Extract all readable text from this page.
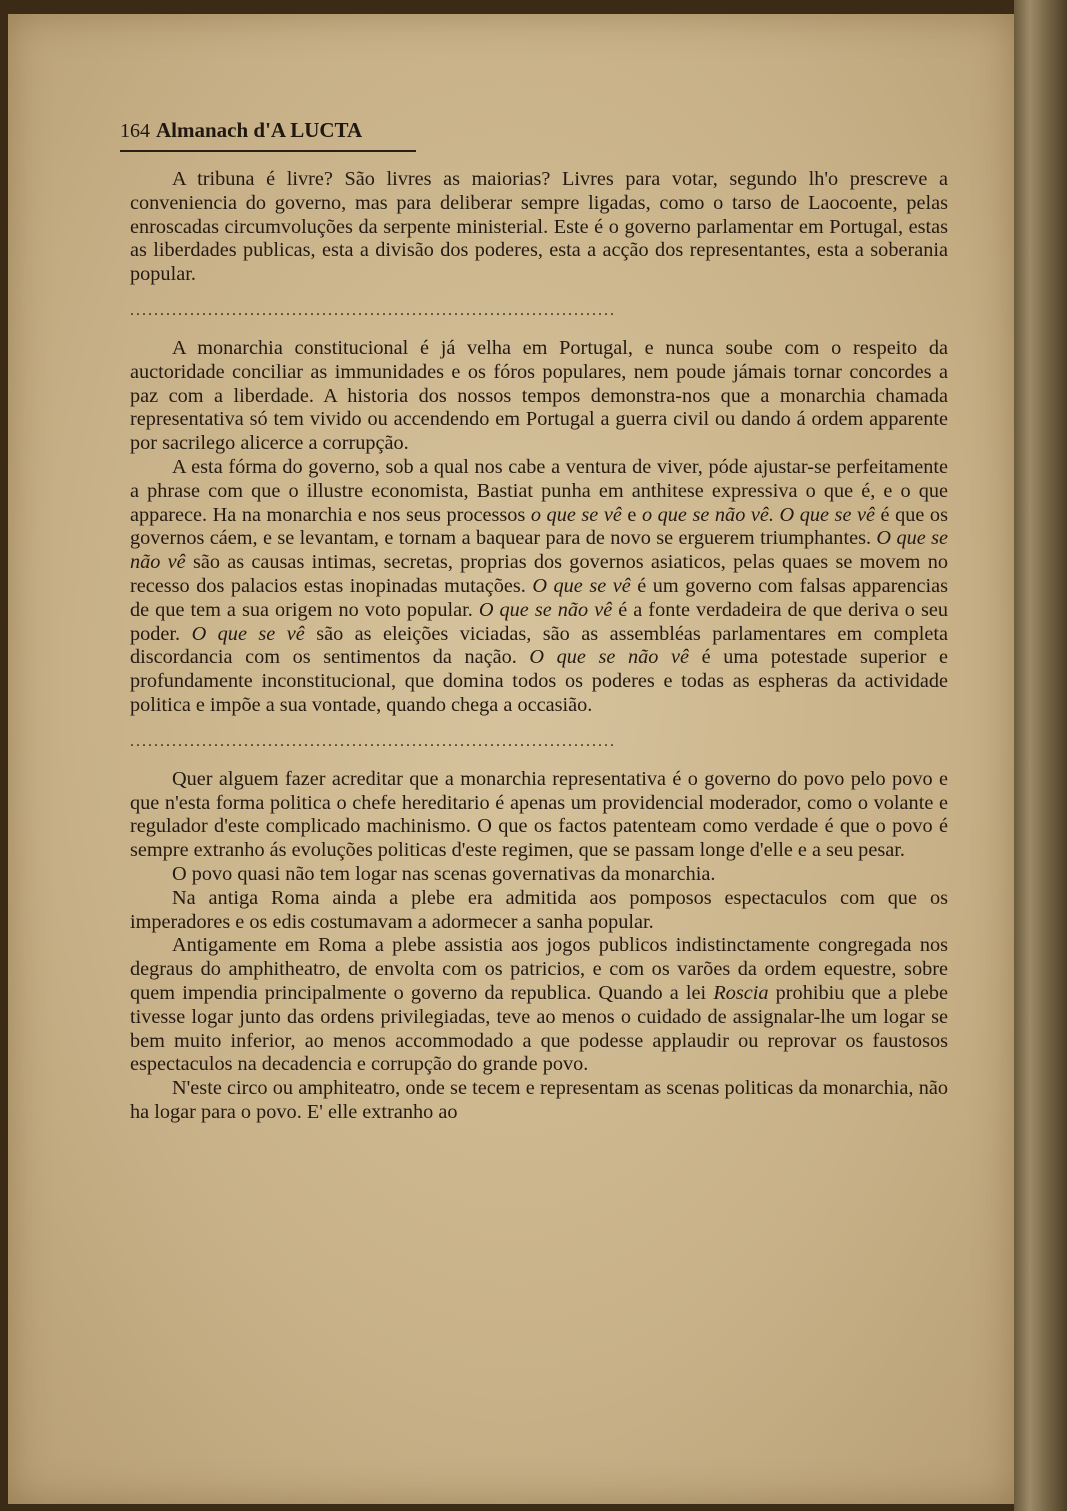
164 Almanach d'A LUCTA

A tribuna é livre? São livres as maiorias? Livres para votar, segundo lh'o prescreve a conveniencia do governo, mas para deliberar sempre ligadas, como o tarso de Laocoente, pelas enroscadas circumvoluções da serpente ministerial. Este é o governo parlamentar em Portugal, estas as liberdades publicas, esta a divisão dos poderes, esta a acção dos representantes, esta a soberania popular.

.................................................................................

A monarchia constitucional é já velha em Portugal, e nunca soube com o respeito da auctoridade conciliar as immunidades e os fóros populares, nem poude jámais tornar concordes a paz com a liberdade. A historia dos nossos tempos demonstra-nos que a monarchia chamada representativa só tem vivido ou accendendo em Portugal a guerra civil ou dando á ordem apparente por sacrilego alicerce a corrupção.

A esta fórma do governo, sob a qual nos cabe a ventura de viver, póde ajustar-se perfeitamente a phrase com que o illustre economista, Bastiat punha em anthitese expressiva o que é, e o que apparece. Ha na monarchia e nos seus processos o que se vê e o que se não vê. O que se vê é que os governos cáem, e se levantam, e tornam a baquear para de novo se erguerem triumphantes. O que se não vê são as causas intimas, secretas, proprias dos governos asiaticos, pelas quaes se movem no recesso dos palacios estas inopinadas mutações. O que se vê é um governo com falsas apparencias de que tem a sua origem no voto popular. O que se não vê é a fonte verdadeira de que deriva o seu poder. O que se vê são as eleições viciadas, são as assembléas parlamentares em completa discordancia com os sentimentos da nação. O que se não vê é uma potestade superior e profundamente inconstitucional, que domina todos os poderes e todas as espheras da actividade politica e impõe a sua vontade, quando chega a occasião.

.................................................................................

Quer alguem fazer acreditar que a monarchia representativa é o governo do povo pelo povo e que n'esta forma politica o chefe hereditario é apenas um providencial moderador, como o volante e regulador d'este complicado machinismo. O que os factos patenteam como verdade é que o povo é sempre extranho ás evoluções politicas d'este regimen, que se passam longe d'elle e a seu pesar.

O povo quasi não tem logar nas scenas governativas da monarchia.

Na antiga Roma ainda a plebe era admitida aos pomposos espectaculos com que os imperadores e os edis costumavam a adormecer a sanha popular.

Antigamente em Roma a plebe assistia aos jogos publicos indistinctamente congregada nos degraus do amphitheatro, de envolta com os patricios, e com os varões da ordem equestre, sobre quem impendia principalmente o governo da republica. Quando a lei Roscia prohibiu que a plebe tivesse logar junto das ordens privilegiadas, teve ao menos o cuidado de assignalar-lhe um logar se bem muito inferior, ao menos accommodado a que podesse applaudir ou reprovar os faustosos espectaculos na decadencia e corrupção do grande povo.

N'este circo ou amphiteatro, onde se tecem e representam as scenas politicas da monarchia, não ha logar para o povo. E' elle extranho ao
